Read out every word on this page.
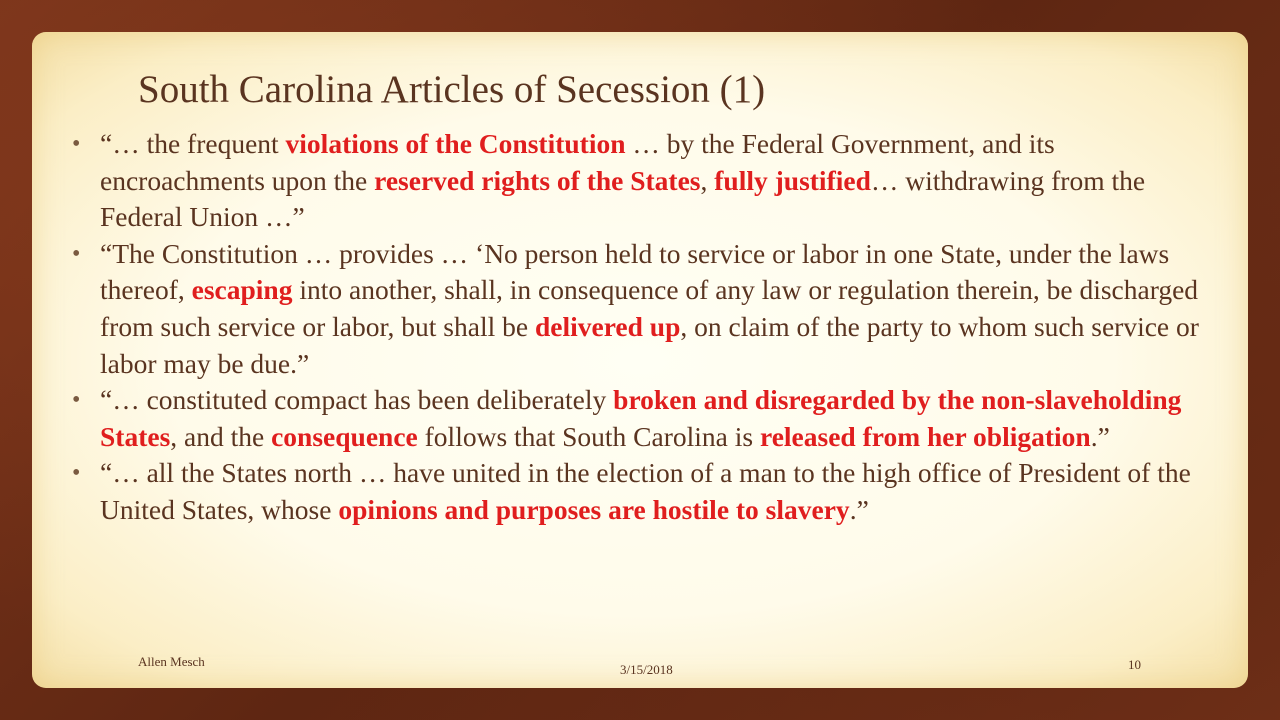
South Carolina Articles of Secession (1)
• “… the frequent violations of the Constitution … by the Federal Government, and its encroachments upon the reserved rights of the States, fully justified… withdrawing from the Federal Union …”
• “The Constitution … provides … ‘No person held to service or labor in one State, under the laws thereof, escaping into another, shall, in consequence of any law or regulation therein, be discharged from such service or labor, but shall be delivered up, on claim of the party to whom such service or labor may be due.”
• “… constituted compact has been deliberately broken and disregarded by the non-slaveholding States, and the consequence follows that South Carolina is released from her obligation.”
• “… all the States north … have united in the election of a man to the high office of President of the United States, whose opinions and purposes are hostile to slavery.”
Allen Mesch
3/15/2018	10
